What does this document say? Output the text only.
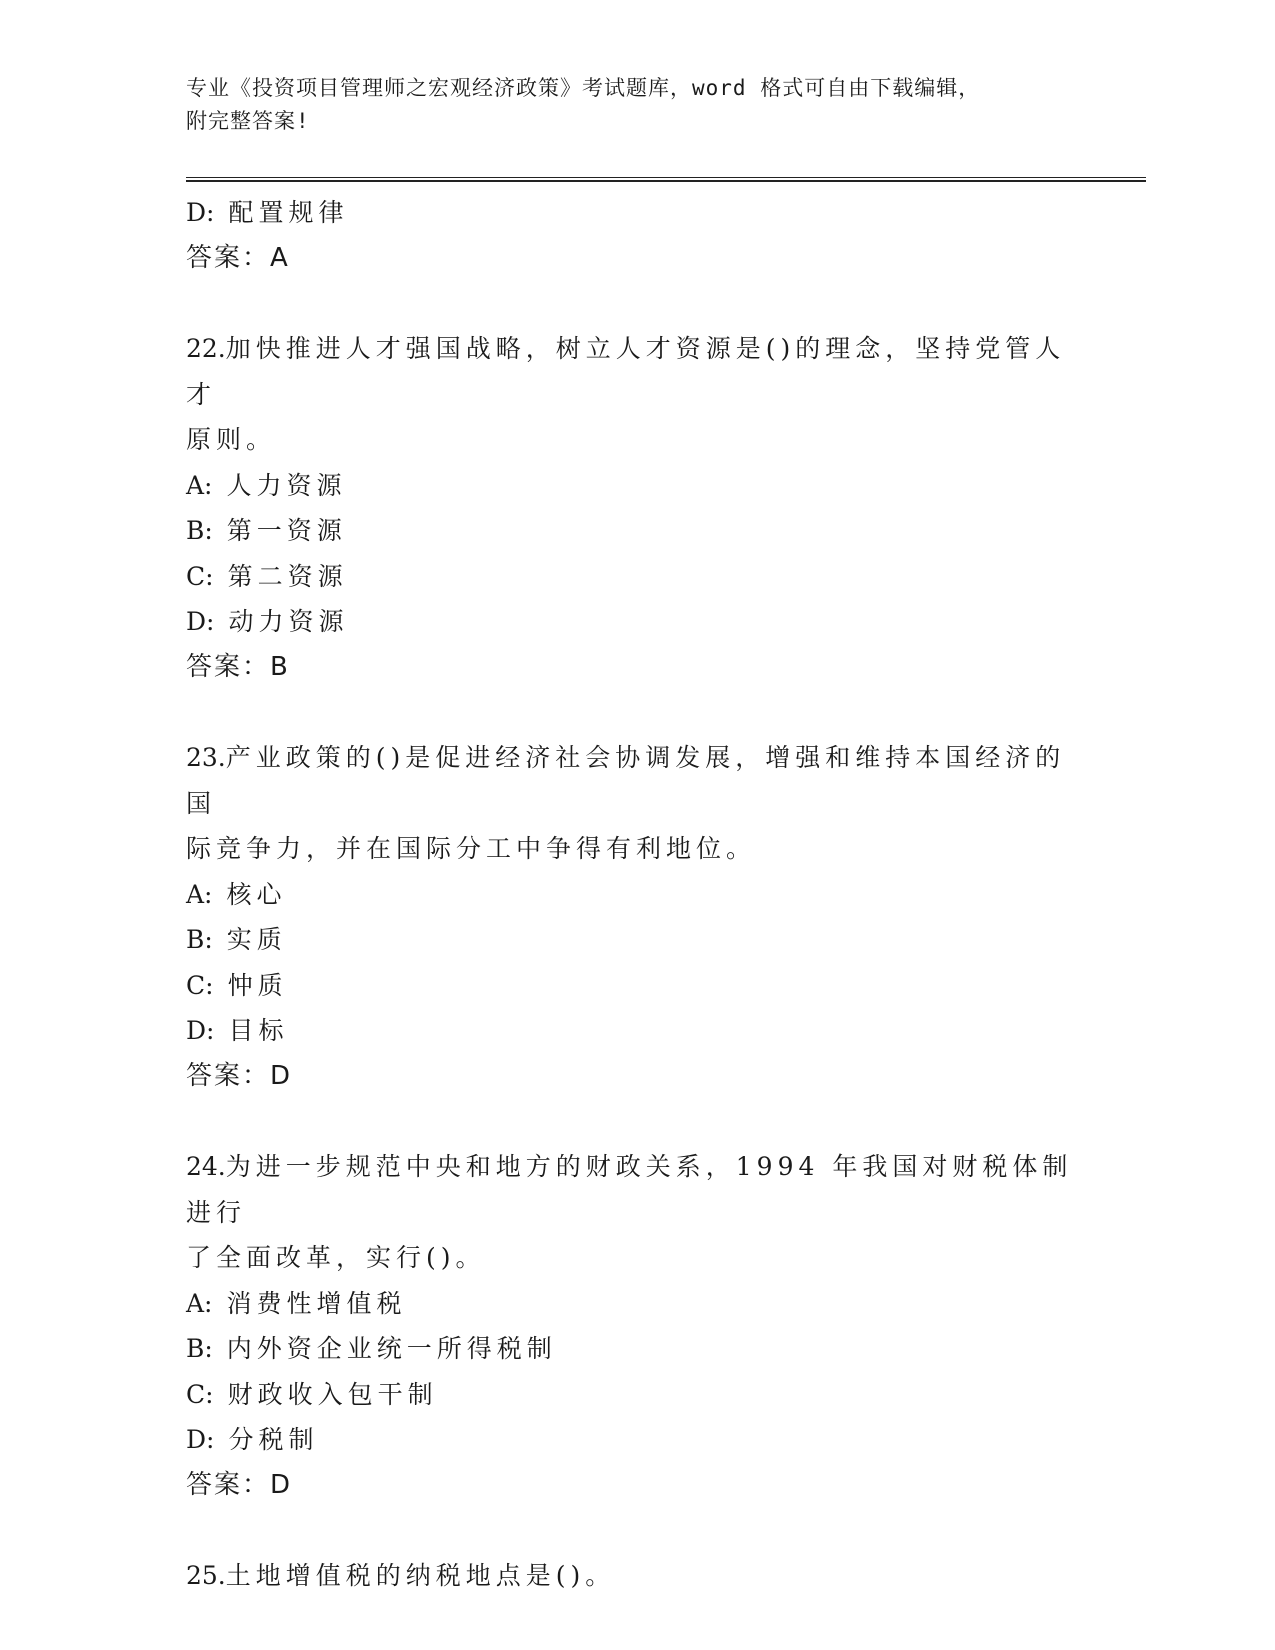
专业《投资项目管理师之宏观经济政策》考试题库，word 格式可自由下载编辑，
附完整答案!
D: 配置规律
答案：A
22.加快推进人才强国战略，树立人才资源是()的理念，坚持党管人才
原则。
A: 人力资源
B: 第一资源
C: 第二资源
D: 动力资源
答案：B
23.产业政策的()是促进经济社会协调发展，增强和维持本国经济的国
际竞争力，并在国际分工中争得有利地位。
A: 核心
B: 实质
C: 忡质
D: 目标
答案：D
24.为进一步规范中央和地方的财政关系，1994 年我国对财税体制进行
了全面改革，实行()。
A: 消费性增值税
B: 内外资企业统一所得税制
C: 财政收入包干制
D: 分税制
答案：D
25.土地增值税的纳税地点是()。
